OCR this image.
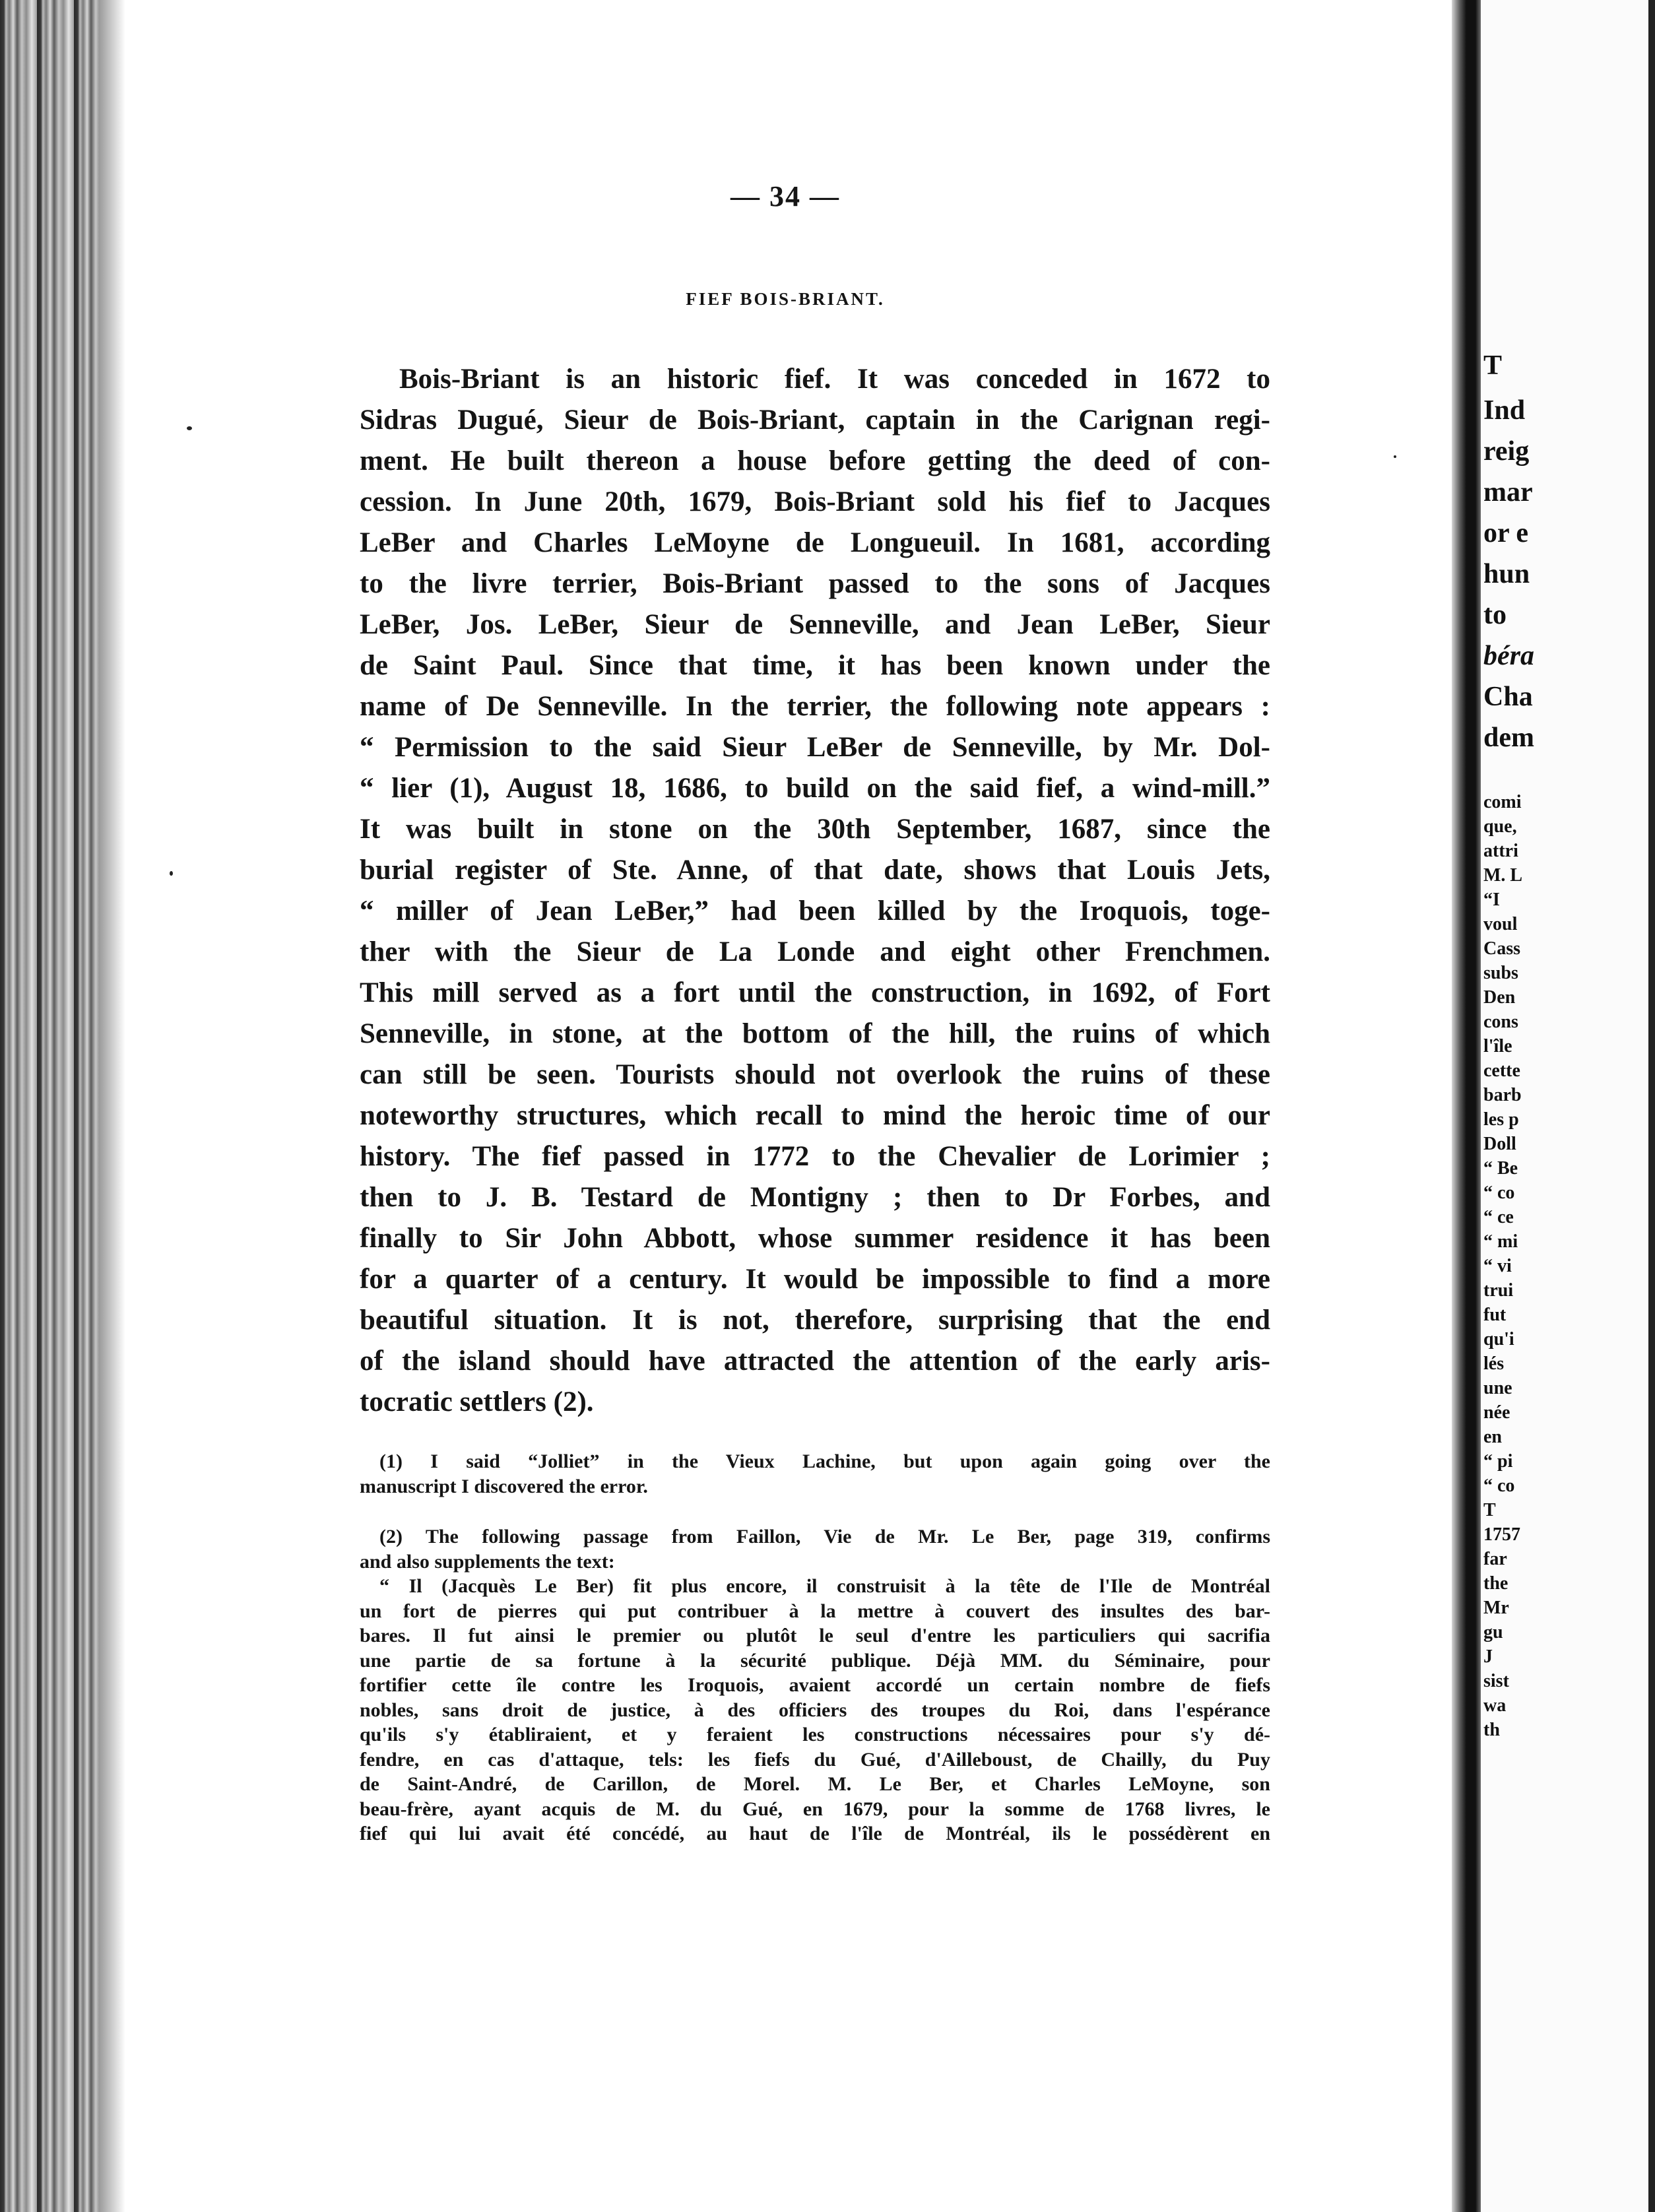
— 34 —
FIEF BOIS-BRIANT.
Bois-Briant is an historic fief. It was conceded in 1672 to
Sidras Dugué, Sieur de Bois-Briant, captain in the Carignan regi-
ment. He built thereon a house before getting the deed of con-
cession. In June 20th, 1679, Bois-Briant sold his fief to Jacques
LeBer and Charles LeMoyne de Longueuil. In 1681, according
to the livre terrier, Bois-Briant passed to the sons of Jacques
LeBer, Jos. LeBer, Sieur de Senneville, and Jean LeBer, Sieur
de Saint Paul. Since that time, it has been known under the
name of De Senneville. In the terrier, the following note appears :
“ Permission to the said Sieur LeBer de Senneville, by Mr. Dol-
“ lier (1), August 18, 1686, to build on the said fief, a wind-mill.”
It was built in stone on the 30th September, 1687, since the
burial register of Ste. Anne, of that date, shows that Louis Jets,
“ miller of Jean LeBer,” had been killed by the Iroquois, toge-
ther with the Sieur de La Londe and eight other Frenchmen.
This mill served as a fort until the construction, in 1692, of Fort
Senneville, in stone, at the bottom of the hill, the ruins of which
can still be seen. Tourists should not overlook the ruins of these
noteworthy structures, which recall to mind the heroic time of our
history. The fief passed in 1772 to the Chevalier de Lorimier ;
then to J. B. Testard de Montigny ; then to Dr Forbes, and
finally to Sir John Abbott, whose summer residence it has been
for a quarter of a century. It would be impossible to find a more
beautiful situation. It is not, therefore, surprising that the end
of the island should have attracted the attention of the early aris-
tocratic settlers (2).
(1) I said “Jolliet” in the Vieux Lachine, but upon again going over the
manuscript I discovered the error.
(2) The following passage from Faillon, Vie de Mr. Le Ber, page 319, confirms
and also supplements the text:
“ Il (Jacquès Le Ber) fit plus encore, il construisit à la tête de l'Ile de Montréal
un fort de pierres qui put contribuer à la mettre à couvert des insultes des bar-
bares. Il fut ainsi le premier ou plutôt le seul d'entre les particuliers qui sacrifia
une partie de sa fortune à la sécurité publique. Déjà MM. du Séminaire, pour
fortifier cette île contre les Iroquois, avaient accordé un certain nombre de fiefs
nobles, sans droit de justice, à des officiers des troupes du Roi, dans l'espérance
qu'ils s'y établiraient, et y feraient les constructions nécessaires pour s'y dé-
fendre, en cas d'attaque, tels: les fiefs du Gué, d'Ailleboust, de Chailly, du Puy
de Saint-André, de Carillon, de Morel. M. Le Ber, et Charles LeMoyne, son
beau-frère, ayant acquis de M. du Gué, en 1679, pour la somme de 1768 livres, le
fief qui lui avait été concédé, au haut de l'île de Montréal, ils le possédèrent en
T
Ind
reig
mar
or e
hun
to
béra
Cha
dem
comi
que,
attri
M. L
“I
voul
Cass
subs
Den
cons
l'île
cette
barb
les p
Doll
“ Be
“ co
“ ce
“ mi
“ vi
trui
fut
qu'i
lés
une
née
en
“ pi
“ co
T
1757
far
the
Mr
gu
J
sist
wa
th
